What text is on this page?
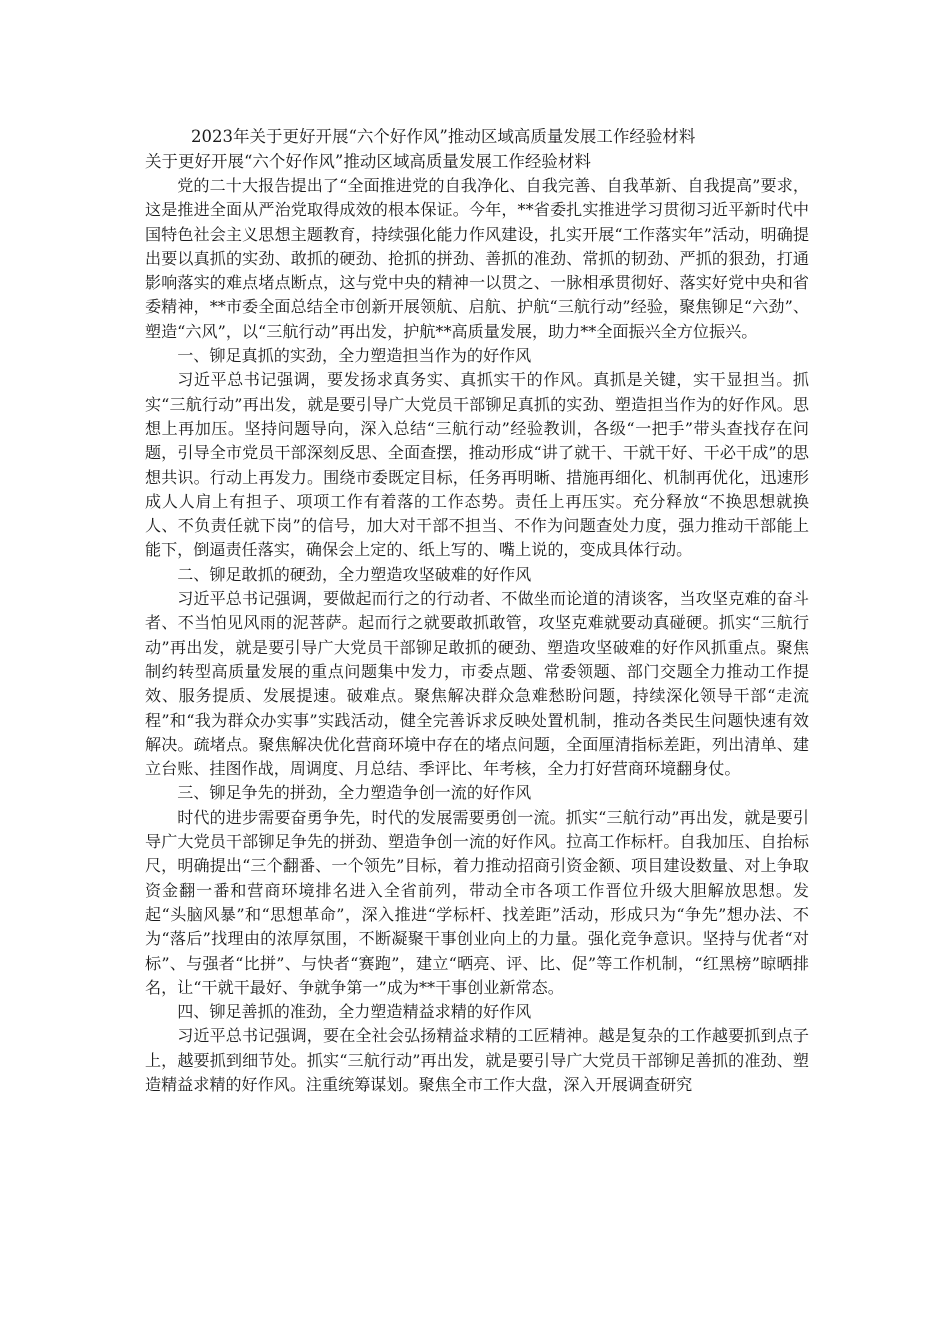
2023年关于更好开展“六个好作风”推动区域高质量发展工作经验材料
关于更好开展“六个好作风”推动区域高质量发展工作经验材料

党的二十大报告提出了“全面推进党的自我净化、自我完善、自我革新、自我提高”要求，这是推进全面从严治党取得成效的根本保证。今年，**省委扎实推进学习贯彻习近平新时代中国特色社会主义思想主题教育，持续强化能力作风建设，扎实开展“工作落实年”活动，明确提出要以真抓的实劲、敢抓的硬劲、抢抓的拼劲、善抓的准劲、常抓的韧劲、严抓的狠劲，打通影响落实的难点堵点断点，这与党中央的精神一以贯之、一脉相承贯彻好、落实好党中央和省委精神，**市委全面总结全市创新开展领航、启航、护航“三航行动”经验，聚焦铆足“六劲”、塑造“六风”，以“三航行动”再出发，护航**高质量发展，助力**全面振兴全方位振兴。

一、铆足真抓的实劲，全力塑造担当作为的好作风

习近平总书记强调，要发扬求真务实、真抓实干的作风。真抓是关键，实干显担当。抓实“三航行动”再出发，就是要引导广大党员干部铆足真抓的实劲、塑造担当作为的好作风。思想上再加压。坚持问题导向，深入总结“三航行动”经验教训，各级“一把手”带头查找存在问题，引导全市党员干部深刻反思、全面查摆，推动形成“讲了就干、干就干好、干必干成”的思想共识。行动上再发力。围绕市委既定目标，任务再明晰、措施再细化、机制再优化，迅速形成人人肩上有担子、项项工作有着落的工作态势。责任上再压实。充分释放“不换思想就换人、不负责任就下岗”的信号，加大对干部不担当、不作为问题查处力度，强力推动干部能上能下，倒逼责任落实，确保会上定的、纸上写的、嘴上说的，变成具体行动。

二、铆足敢抓的硬劲，全力塑造攻坚破难的好作风

习近平总书记强调，要做起而行之的行动者、不做坐而论道的清谈客，当攻坚克难的奋斗者、不当怕见风雨的泥菩萨。起而行之就要敢抓敢管，攻坚克难就要动真碰硬。抓实“三航行动”再出发，就是要引导广大党员干部铆足敢抓的硬劲、塑造攻坚破难的好作风抓重点。聚焦制约转型高质量发展的重点问题集中发力，市委点题、常委领题、部门交题全力推动工作提效、服务提质、发展提速。破难点。聚焦解决群众急难愁盼问题，持续深化领导干部“走流程”和“我为群众办实事”实践活动，健全完善诉求反映处置机制，推动各类民生问题快速有效解决。疏堵点。聚焦解决优化营商环境中存在的堵点问题，全面厘清指标差距，列出清单、建立台账、挂图作战，周调度、月总结、季评比、年考核，全力打好营商环境翻身仗。

三、铆足争先的拼劲，全力塑造争创一流的好作风

时代的进步需要奋勇争先，时代的发展需要勇创一流。抓实“三航行动”再出发，就是要引导广大党员干部铆足争先的拼劲、塑造争创一流的好作风。拉高工作标杆。自我加压、自抬标尺，明确提出“三个翻番、一个领先”目标，着力推动招商引资金额、项目建设数量、对上争取资金翻一番和营商环境排名进入全省前列，带动全市各项工作晋位升级大胆解放思想。发起“头脑风暴”和“思想革命”，深入推进“学标杆、找差距”活动，形成只为“争先”想办法、不为“落后”找理由的浓厚氛围，不断凝聚干事创业向上的力量。强化竞争意识。坚持与优者“对标”、与强者“比拼”、与快者“赛跑”，建立“晒亮、评、比、促”等工作机制，“红黑榜”晾晒排名，让“干就干最好、争就争第一”成为**干事创业新常态。

四、铆足善抓的准劲，全力塑造精益求精的好作风

习近平总书记强调，要在全社会弘扬精益求精的工匠精神。越是复杂的工作越要抓到点子上，越要抓到细节处。抓实“三航行动”再出发，就是要引导广大党员干部铆足善抓的准劲、塑造精益求精的好作风。注重统筹谋划。聚焦全市工作大盘，深入开展调查研究
